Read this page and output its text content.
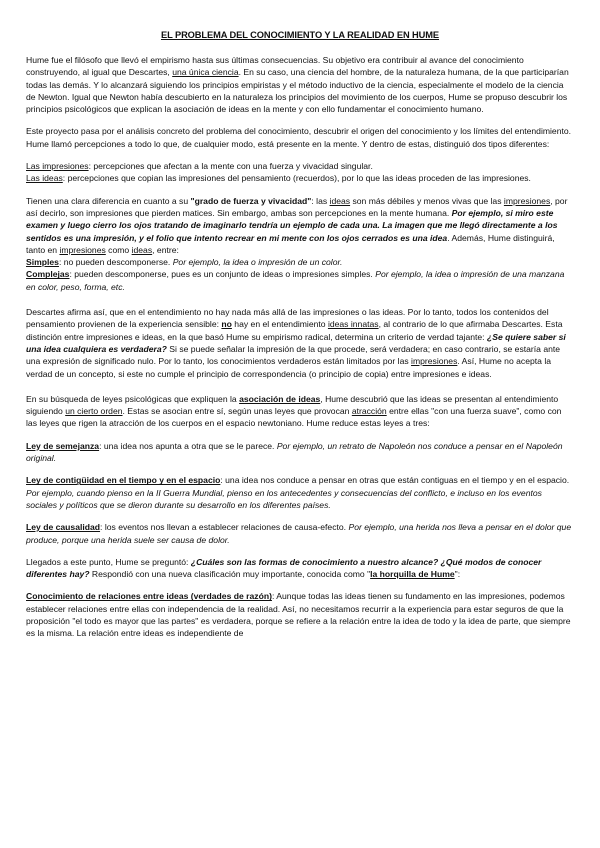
EL PROBLEMA DEL CONOCIMIENTO Y LA REALIDAD EN HUME

Hume fue el filósofo que llevó el empirismo hasta sus últimas consecuencias. Su objetivo era contribuir al avance del conocimiento construyendo, al igual que Descartes, una única ciencia. En su caso, una ciencia del hombre, de la naturaleza humana, de la que participarían todas las demás. Y lo alcanzará siguiendo los principios empiristas y el método inductivo de la ciencia, especialmente el modelo de la ciencia de Newton. Igual que Newton había descubierto en la naturaleza los principios del movimiento de los cuerpos, Hume se propuso descubrir los principios psicológicos que explican la asociación de ideas en la mente y con ello fundamentar el conocimiento humano.

Este proyecto pasa por el análisis concreto del problema del conocimiento, descubrir el origen del conocimiento y los límites del entendimiento. Hume llamó percepciones a todo lo que, de cualquier modo, está presente en la mente. Y dentro de estas, distinguió dos tipos diferentes:

Las impresiones: percepciones que afectan a la mente con una fuerza y vivacidad singular.
Las ideas: percepciones que copian las impresiones del pensamiento (recuerdos), por lo que las ideas proceden de las impresiones.

Tienen una clara diferencia en cuanto a su "grado de fuerza y vivacidad": las ideas son más débiles y menos vivas que las impresiones, por así decirlo, son impresiones que pierden matices. Sin embargo, ambas son percepciones en la mente humana. Por ejemplo, si miro este examen y luego cierro los ojos tratando de imaginarlo tendría un ejemplo de cada una. La imagen que me llegó directamente a los sentidos es una impresión, y el folio que intento recrear en mi mente con los ojos cerrados es una idea. Además, Hume distinguirá, tanto en impresiones como ideas, entre:
Simples: no pueden descomponerse. Por ejemplo, la idea o impresión de un color.
Complejas: pueden descomponerse, pues es un conjunto de ideas o impresiones simples. Por ejemplo, la idea o impresión de una manzana en color, peso, forma, etc.

Descartes afirma así, que en el entendimiento no hay nada más allá de las impresiones o las ideas. Por lo tanto, todos los contenidos del pensamiento provienen de la experiencia sensible: no hay en el entendimiento ideas innatas, al contrario de lo que afirmaba Descartes. Esta distinción entre impresiones e ideas, en la que basó Hume su empirismo radical, determina un criterio de verdad tajante: ¿Se quiere saber si una idea cualquiera es verdadera? Si se puede señalar la impresión de la que procede, será verdadera; en caso contrario, se estaría ante una expresión de significado nulo. Por lo tanto, los conocimientos verdaderos están limitados por las impresiones. Así, Hume no acepta la verdad de un concepto, si este no cumple el principio de correspondencia (o principio de copia) entre impresiones e ideas.

En su búsqueda de leyes psicológicas que expliquen la asociación de ideas, Hume descubrió que las ideas se presentan al entendimiento siguiendo un cierto orden. Estas se asocian entre sí, según unas leyes que provocan atracción entre ellas "con una fuerza suave", como con las leyes que rigen la atracción de los cuerpos en el espacio newtoniano. Hume reduce estas leyes a tres:

Ley de semejanza: una idea nos apunta a otra que se le parece. Por ejemplo, un retrato de Napoleón nos conduce a pensar en el Napoleón original.

Ley de contigüidad en el tiempo y en el espacio: una idea nos conduce a pensar en otras que están contiguas en el tiempo y en el espacio. Por ejemplo, cuando pienso en la II Guerra Mundial, pienso en los antecedentes y consecuencias del conflicto, e incluso en los eventos sociales y políticos que se dieron durante su desarrollo en los diferentes países.

Ley de causalidad: los eventos nos llevan a establecer relaciones de causa-efecto. Por ejemplo, una herida nos lleva a pensar en el dolor que produce, porque una herida suele ser causa de dolor.

Llegados a este punto, Hume se preguntó: ¿Cuáles son las formas de conocimiento a nuestro alcance? ¿Qué modos de conocer diferentes hay? Respondió con una nueva clasificación muy importante, conocida como "la horquilla de Hume":

Conocimiento de relaciones entre ideas (verdades de razón): Aunque todas las ideas tienen su fundamento en las impresiones, podemos establecer relaciones entre ellas con independencia de la realidad. Así, no necesitamos recurrir a la experiencia para estar seguros de que la proposición "el todo es mayor que las partes" es verdadera, porque se refiere a la relación entre la idea de todo y la idea de parte, que siempre es la misma. La relación entre ideas es independiente de
